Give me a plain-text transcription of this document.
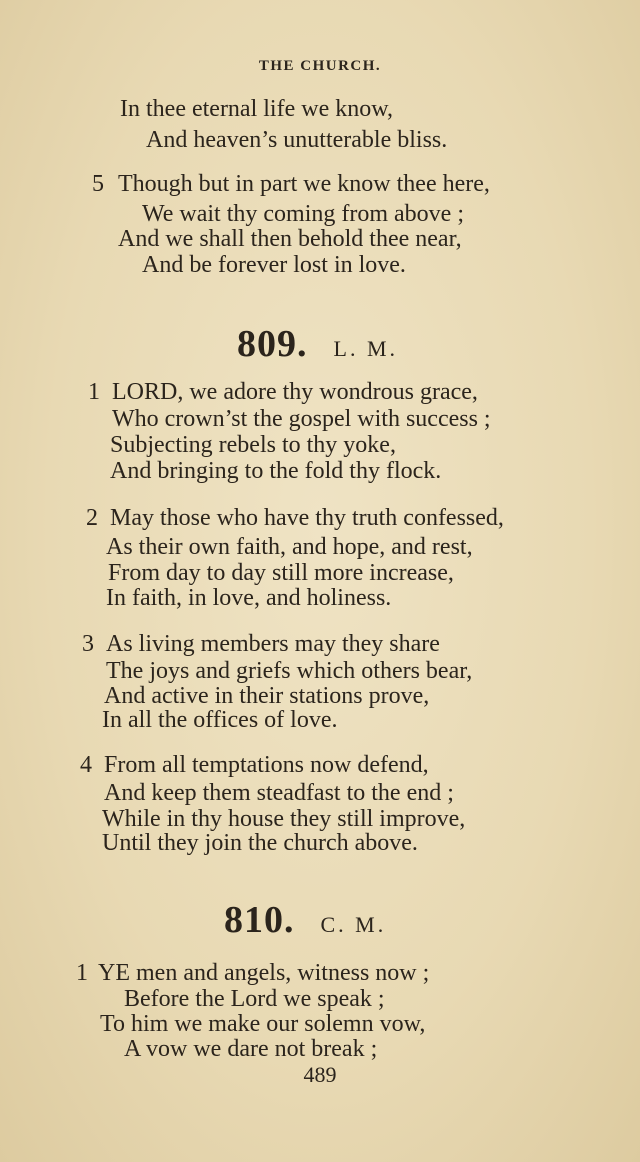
THE CHURCH.
In thee eternal life we know,
And heaven’s unutterable bliss.
5 Though but in part we know thee here,
We wait thy coming from above ;
And we shall then behold thee near,
And be forever lost in love.
809. L. M.
1 LORD, we adore thy wondrous grace,
Who crown’st the gospel with success ;
Subjecting rebels to thy yoke,
And bringing to the fold thy flock.
2 May those who have thy truth confessed,
As their own faith, and hope, and rest,
From day to day still more increase,
In faith, in love, and holiness.
3 As living members may they share
The joys and griefs which others bear,
And active in their stations prove,
In all the offices of love.
4 From all temptations now defend,
And keep them steadfast to the end ;
While in thy house they still improve,
Until they join the church above.
810. C. M.
1 YE men and angels, witness now ;
Before the Lord we speak ;
To him we make our solemn vow,
A vow we dare not break ;
489
